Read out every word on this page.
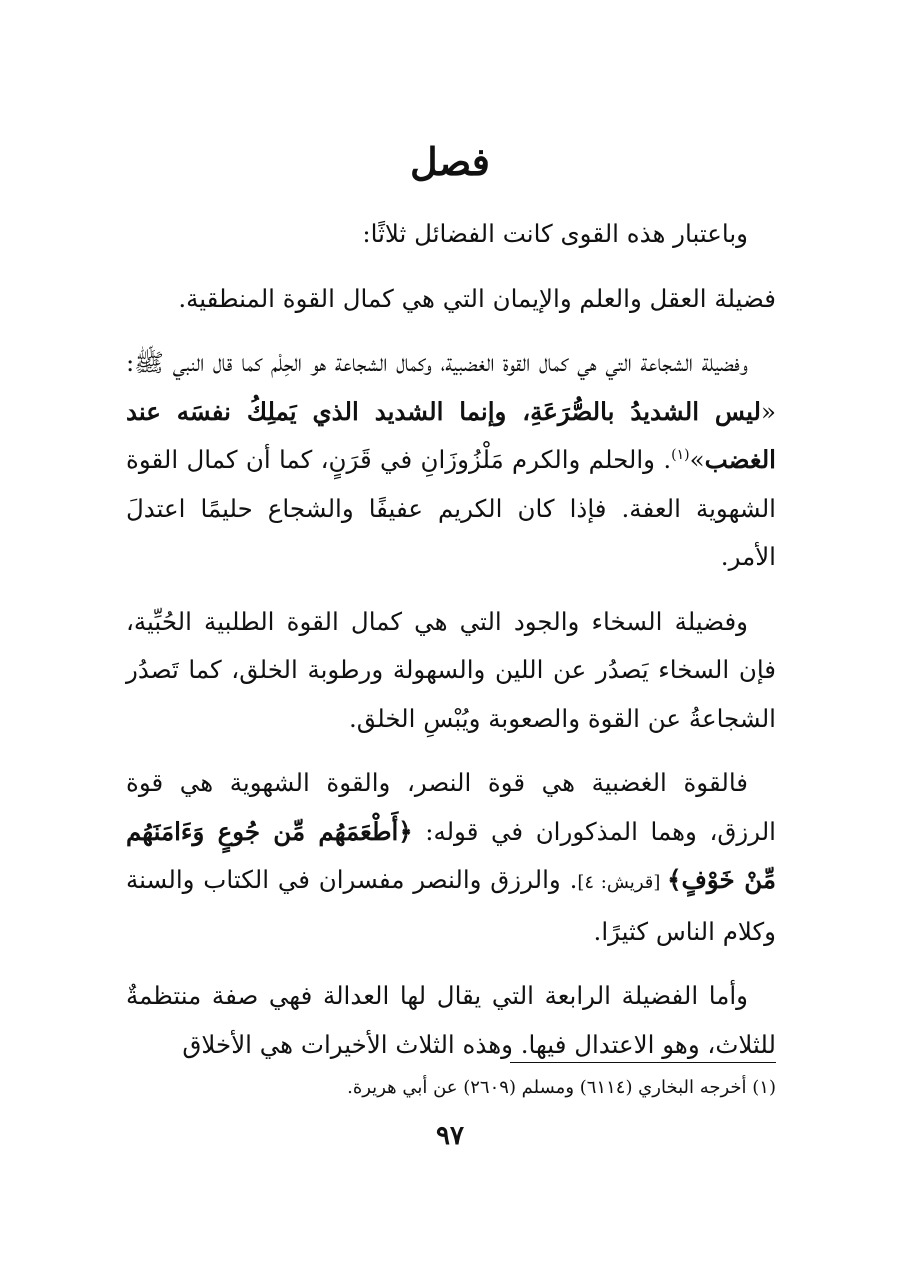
فصل

وباعتبار هذه القوى كانت الفضائل ثلاثًا:

فضيلة العقل والعلم والإيمان التي هي كمال القوة المنطقية.

وفضيلة الشجاعة التي هي كمال القوة الغضبية، وكمال الشجاعة هو الحِلْم كما قال النبي ﷺ: «ليس الشديدُ بالصُّرَعَةِ، وإنما الشديد الذي يَملِكُ نفسَه عند الغضب»$^{(١)}$. والحلم والكرم مَلْزُوزَانِ في قَرَنٍ، كما أن كمال القوة الشهوية العفة. فإذا كان الكريم عفيفًا والشجاع حليمًا اعتدلَ الأمر.

وفضيلة السخاء والجود التي هي كمال القوة الطلبية الحُبِّية، فإن السخاء يَصدُر عن اللين والسهولة ورطوبة الخلق، كما تَصدُر الشجاعةُ عن القوة والصعوبة ويُبْسِ الخلق.

فالقوة الغضبية هي قوة النصر، والقوة الشهوية هي قوة الرزق، وهما المذكوران في قوله: ﴿أَطْعَمَهُم مِّن جُوعٍ وَءَامَنَهُم مِّنْ خَوْفٍ﴾ [قريش: ٤]. والرزق والنصر مفسران في الكتاب والسنة وكلام الناس كثيرًا.

وأما الفضيلة الرابعة التي يقال لها العدالة فهي صفة منتظمةٌ للثلاث، وهو الاعتدال فيها. وهذه الثلاث الأخيرات هي الأخلاق

(١) أخرجه البخاري (٦١١٤) ومسلم (٢٦٠٩) عن أبي هريرة.

٩٧
